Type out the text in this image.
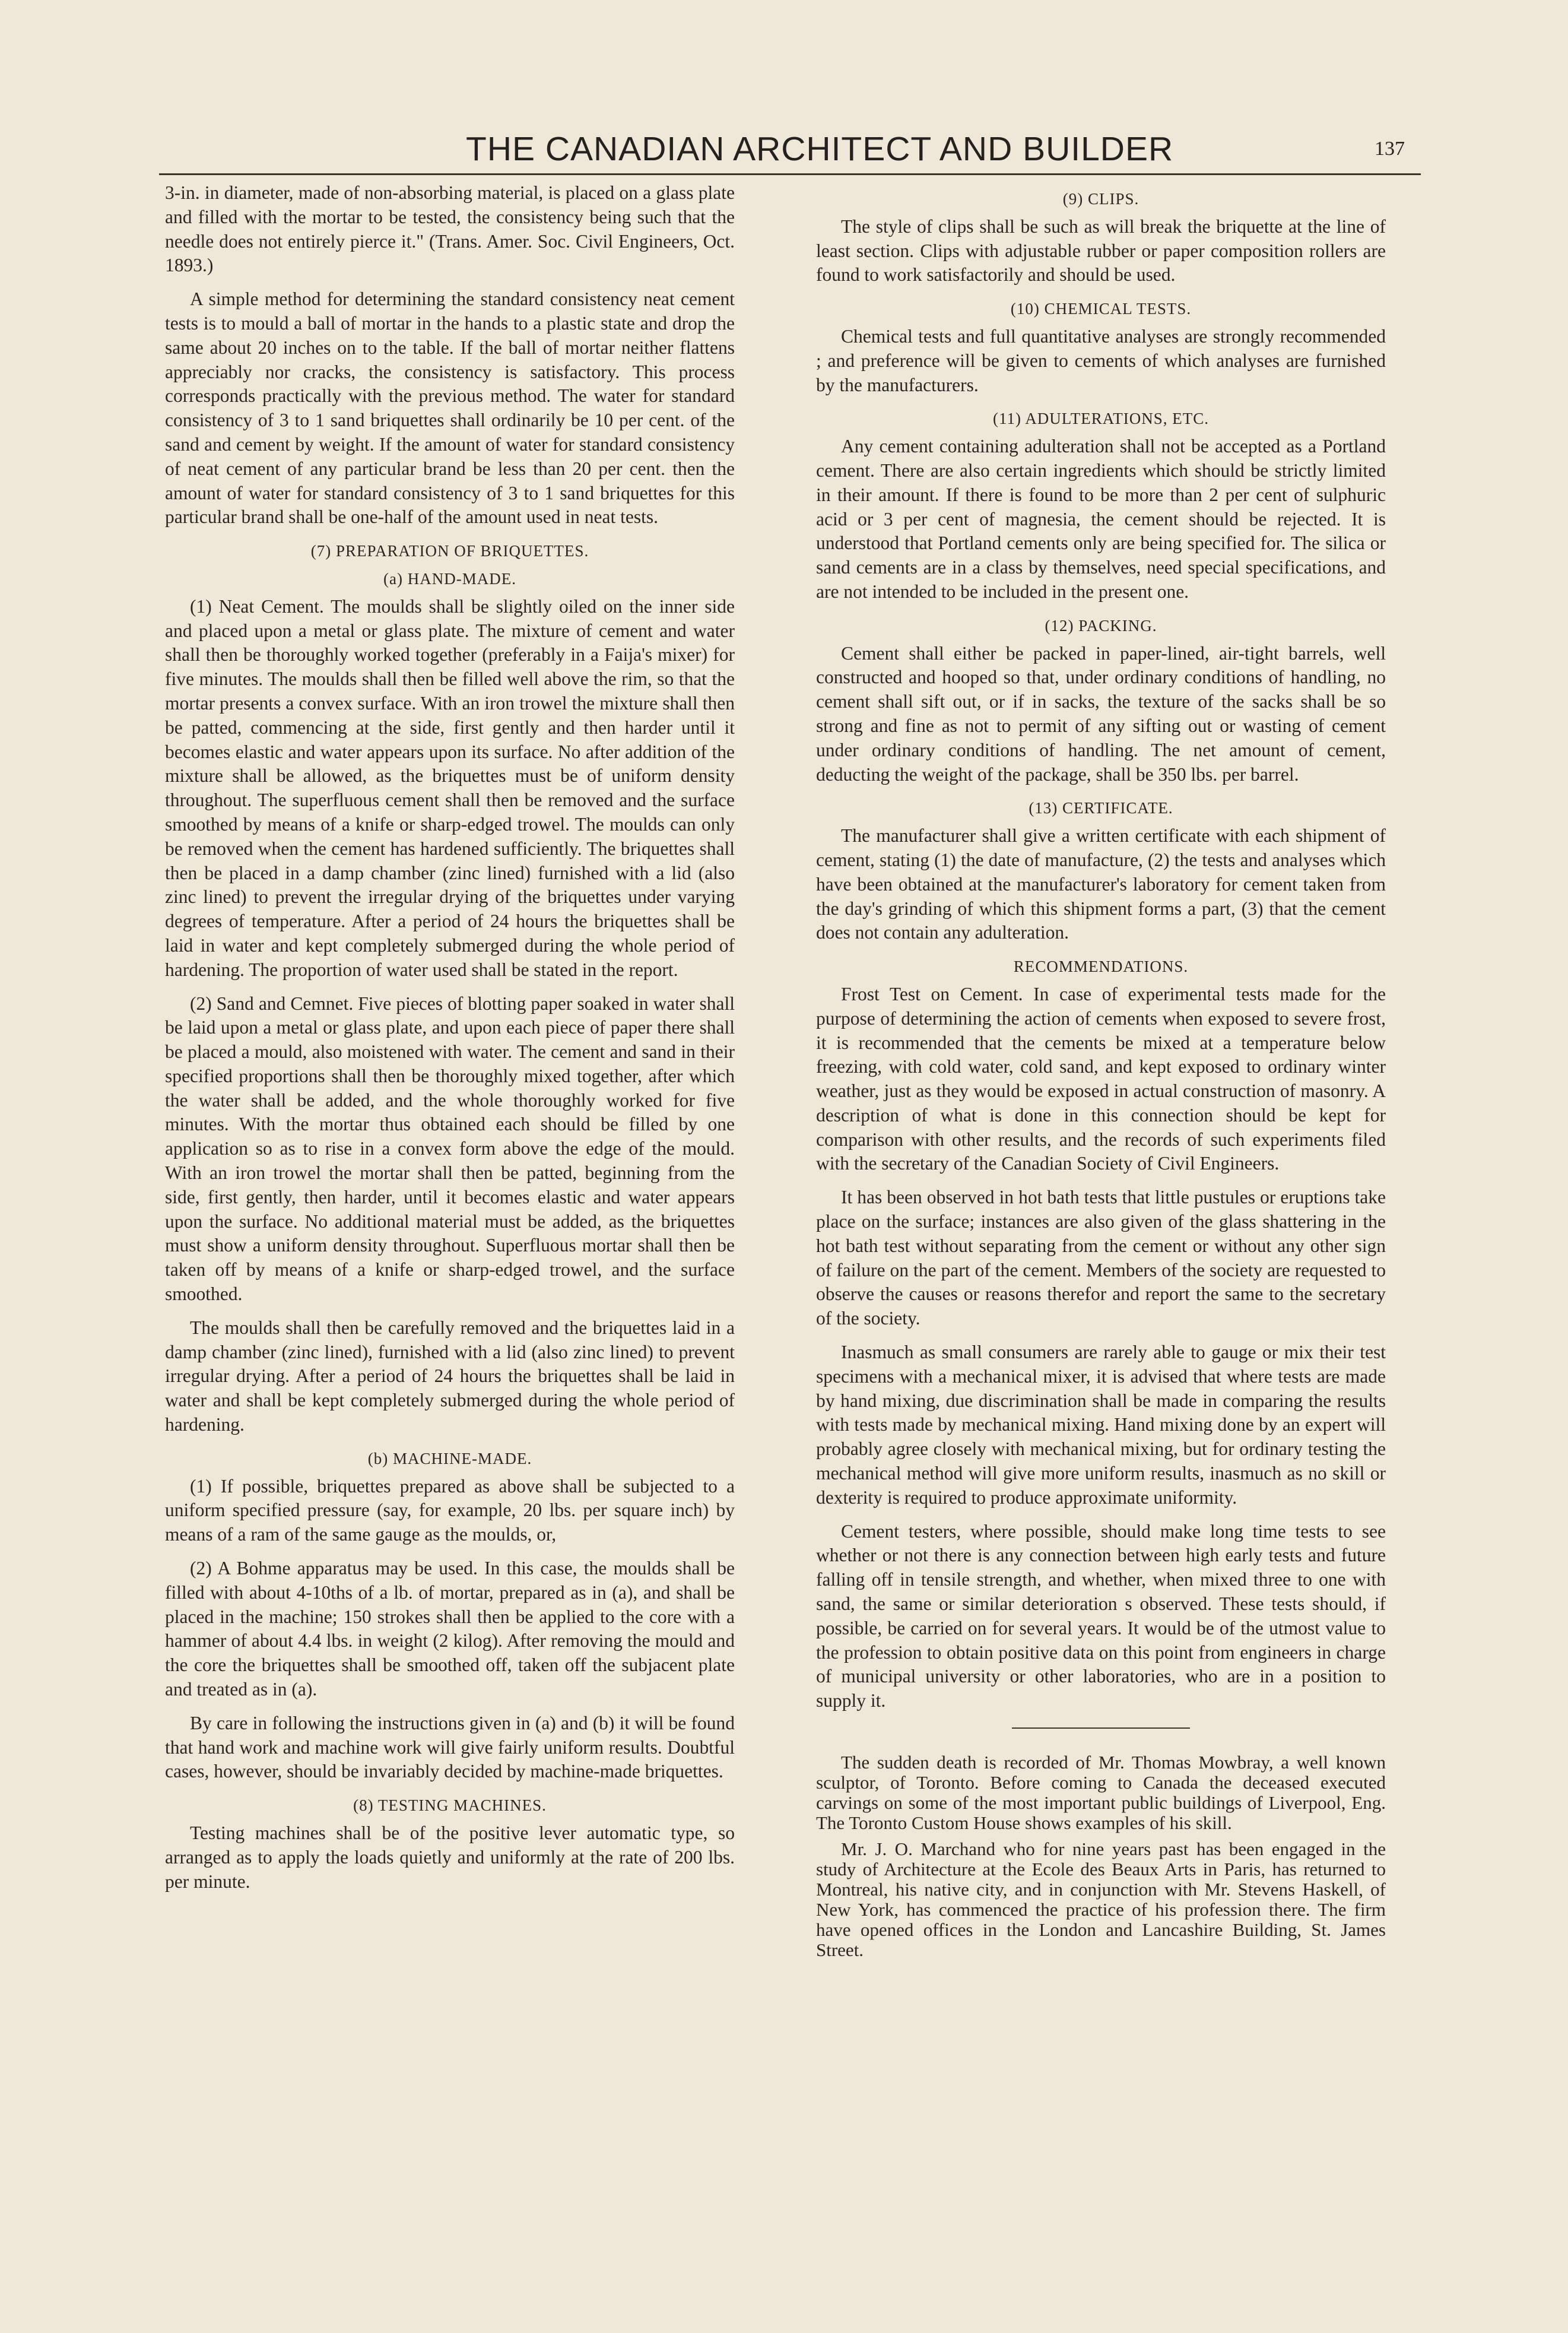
THE CANADIAN ARCHITECT AND BUILDER	137

3-in. in diameter, made of non-absorbing material, is placed on a glass plate and filled with the mortar to be tested, the consistency being such that the needle does not entirely pierce it." (Trans. Amer. Soc. Civil Engineers, Oct. 1893.)

A simple method for determining the standard consistency neat cement tests is to mould a ball of mortar in the hands to a plastic state and drop the same about 20 inches on to the table. If the ball of mortar neither flattens appreciably nor cracks, the consistency is satisfactory. This process corresponds practically with the previous method. The water for standard consistency of 3 to 1 sand briquettes shall ordinarily be 10 per cent. of the sand and cement by weight. If the amount of water for standard consistency of neat cement of any particular brand be less than 20 per cent. then the amount of water for standard consistency of 3 to 1 sand briquettes for this particular brand shall be one-half of the amount used in neat tests.

(7) PREPARATION OF BRIQUETTES.
(a) HAND-MADE.

(1) Neat Cement. The moulds shall be slightly oiled on the inner side and placed upon a metal or glass plate. The mixture of cement and water shall then be thoroughly worked together (preferably in a Faija's mixer) for five minutes. The moulds shall then be filled well above the rim, so that the mortar presents a convex surface. With an iron trowel the mixture shall then be patted, commencing at the side, first gently and then harder until it becomes elastic and water appears upon its surface. No after addition of the mixture shall be allowed, as the briquettes must be of uniform density throughout. The superfluous cement shall then be removed and the surface smoothed by means of a knife or sharp-edged trowel. The moulds can only be removed when the cement has hardened sufficiently. The briquettes shall then be placed in a damp chamber (zinc lined) furnished with a lid (also zinc lined) to prevent the irregular drying of the briquettes under varying degrees of temperature. After a period of 24 hours the briquettes shall be laid in water and kept completely submerged during the whole period of hardening. The proportion of water used shall be stated in the report.

(2) Sand and Cemnet. Five pieces of blotting paper soaked in water shall be laid upon a metal or glass plate, and upon each piece of paper there shall be placed a mould, also moistened with water. The cement and sand in their specified proportions shall then be thoroughly mixed together, after which the water shall be added, and the whole thoroughly worked for five minutes. With the mortar thus obtained each should be filled by one application so as to rise in a convex form above the edge of the mould. With an iron trowel the mortar shall then be patted, beginning from the side, first gently, then harder, until it becomes elastic and water appears upon the surface. No additional material must be added, as the briquettes must show a uniform density throughout. Superfluous mortar shall then be taken off by means of a knife or sharp-edged trowel, and the surface smoothed.

The moulds shall then be carefully removed and the briquettes laid in a damp chamber (zinc lined), furnished with a lid (also zinc lined) to prevent irregular drying. After a period of 24 hours the briquettes shall be laid in water and shall be kept completely submerged during the whole period of hardening.

(b) MACHINE-MADE.

(1) If possible, briquettes prepared as above shall be subjected to a uniform specified pressure (say, for example, 20 lbs. per square inch) by means of a ram of the same gauge as the moulds, or,

(2) A Bohme apparatus may be used. In this case, the moulds shall be filled with about 4-10ths of a lb. of mortar, prepared as in (a), and shall be placed in the machine; 150 strokes shall then be applied to the core with a hammer of about 4.4 lbs. in weight (2 kilog). After removing the mould and the core the briquettes shall be smoothed off, taken off the subjacent plate and treated as in (a).

By care in following the instructions given in (a) and (b) it will be found that hand work and machine work will give fairly uniform results. Doubtful cases, however, should be invariably decided by machine-made briquettes.

(8) TESTING MACHINES.

Testing machines shall be of the positive lever automatic type, so arranged as to apply the loads quietly and uniformly at the rate of 200 lbs. per minute.

(9) CLIPS.

The style of clips shall be such as will break the briquette at the line of least section. Clips with adjustable rubber or paper composition rollers are found to work satisfactorily and should be used.

(10) CHEMICAL TESTS.

Chemical tests and full quantitative analyses are strongly recommended ; and preference will be given to cements of which analyses are furnished by the manufacturers.

(11) ADULTERATIONS, ETC.

Any cement containing adulteration shall not be accepted as a Portland cement. There are also certain ingredients which should be strictly limited in their amount. If there is found to be more than 2 per cent of sulphuric acid or 3 per cent of magnesia, the cement should be rejected. It is understood that Portland cements only are being specified for. The silica or sand cements are in a class by themselves, need special specifications, and are not intended to be included in the present one.

(12) PACKING.

Cement shall either be packed in paper-lined, air-tight barrels, well constructed and hooped so that, under ordinary conditions of handling, no cement shall sift out, or if in sacks, the texture of the sacks shall be so strong and fine as not to permit of any sifting out or wasting of cement under ordinary conditions of handling. The net amount of cement, deducting the weight of the package, shall be 350 lbs. per barrel.

(13) CERTIFICATE.

The manufacturer shall give a written certificate with each shipment of cement, stating (1) the date of manufacture, (2) the tests and analyses which have been obtained at the manufacturer's laboratory for cement taken from the day's grinding of which this shipment forms a part, (3) that the cement does not contain any adulteration.

RECOMMENDATIONS.

Frost Test on Cement. In case of experimental tests made for the purpose of determining the action of cements when exposed to severe frost, it is recommended that the cements be mixed at a temperature below freezing, with cold water, cold sand, and kept exposed to ordinary winter weather, just as they would be exposed in actual construction of masonry. A description of what is done in this connection should be kept for comparison with other results, and the records of such experiments filed with the secretary of the Canadian Society of Civil Engineers.

It has been observed in hot bath tests that little pustules or eruptions take place on the surface; instances are also given of the glass shattering in the hot bath test without separating from the cement or without any other sign of failure on the part of the cement. Members of the society are requested to observe the causes or reasons therefor and report the same to the secretary of the society.

Inasmuch as small consumers are rarely able to gauge or mix their test specimens with a mechanical mixer, it is advised that where tests are made by hand mixing, due discrimination shall be made in comparing the results with tests made by mechanical mixing. Hand mixing done by an expert will probably agree closely with mechanical mixing, but for ordinary testing the mechanical method will give more uniform results, inasmuch as no skill or dexterity is required to produce approximate uniformity.

Cement testers, where possible, should make long time tests to see whether or not there is any connection between high early tests and future falling off in tensile strength, and whether, when mixed three to one with sand, the same or similar deterioration s observed. These tests should, if possible, be carried on for several years. It would be of the utmost value to the profession to obtain positive data on this point from engineers in charge of municipal university or other laboratories, who are in a position to supply it.

The sudden death is recorded of Mr. Thomas Mowbray, a well known sculptor, of Toronto. Before coming to Canada the deceased executed carvings on some of the most important public buildings of Liverpool, Eng. The Toronto Custom House shows examples of his skill.

Mr. J. O. Marchand who for nine years past has been engaged in the study of Architecture at the Ecole des Beaux Arts in Paris, has returned to Montreal, his native city, and in conjunction with Mr. Stevens Haskell, of New York, has commenced the practice of his profession there. The firm have opened offices in the London and Lancashire Building, St. James Street.
